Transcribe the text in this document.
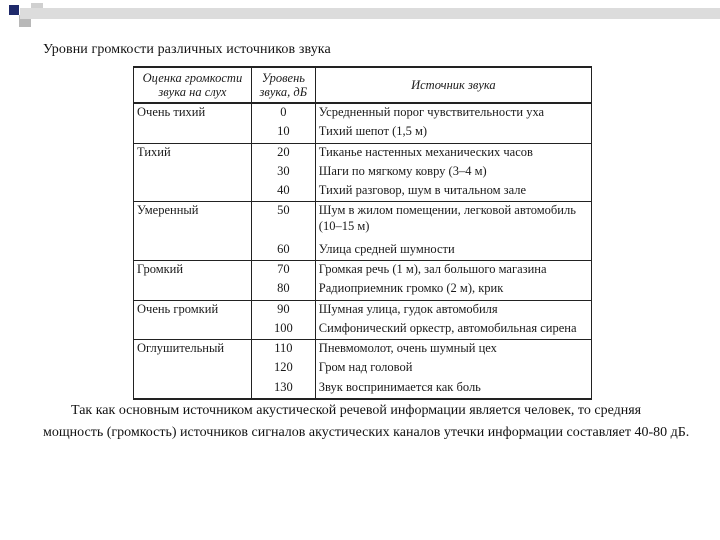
Уровни громкости различных источников звука
Оценка громкости звука на слух	Уровень звука, дБ	Источник звука
Очень тихий	0	Усредненный порог чувствительности уха
	10	Тихий шепот (1,5 м)
Тихий	20	Тиканье настенных механических часов
	30	Шаги по мягкому ковру (3–4 м)
	40	Тихий разговор, шум в читальном зале
Умеренный	50	Шум в жилом помещении, легковой автомобиль (10–15 м)
	60	Улица средней шумности
Громкий	70	Громкая речь (1 м), зал большого магазина
	80	Радиоприемник громко (2 м), крик
Очень громкий	90	Шумная улица, гудок автомобиля
	100	Симфонический оркестр, автомобильная сирена
Оглушительный	110	Пневмомолот, очень шумный цех
	120	Гром над головой
	130	Звук воспринимается как боль
Так как основным источником акустической речевой информации является человек, то средняя мощность (громкость) источников сигналов акустических каналов утечки информации составляет 40-80 дБ.
